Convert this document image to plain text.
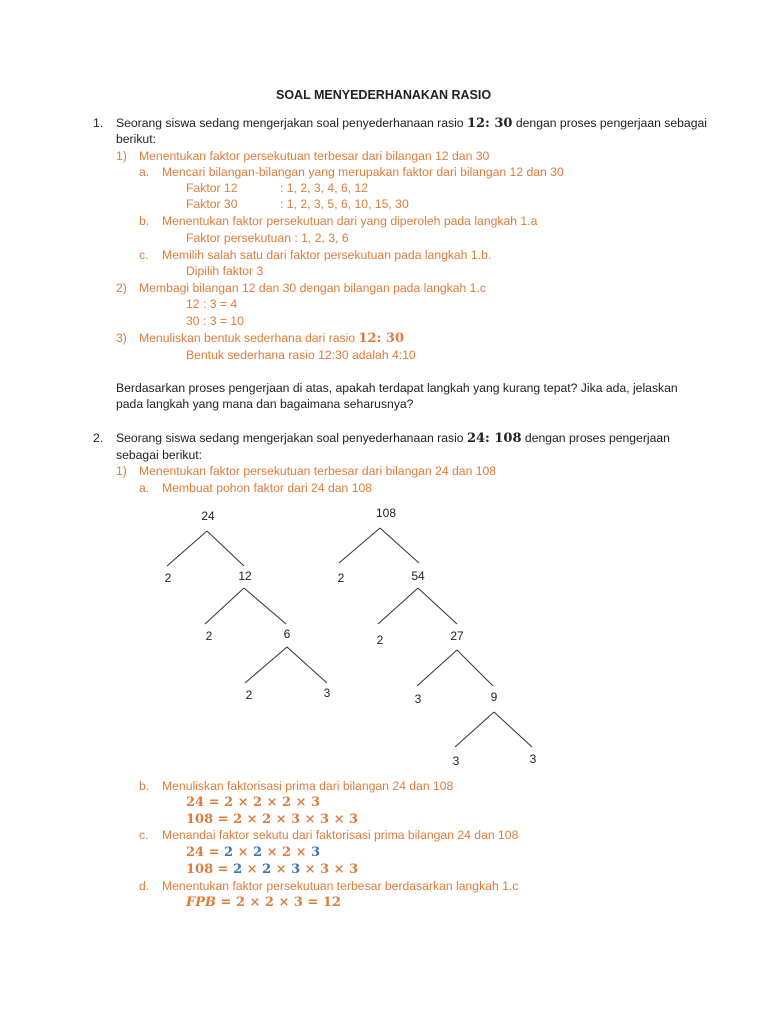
SOAL MENYEDERHANAKAN RASIO
1. Seorang siswa sedang mengerjakan soal penyederhanaan rasio 12: 30 dengan proses pengerjaan sebagai
berikut:
1) Menentukan faktor persekutuan terbesar dari bilangan 12 dan 30
a. Mencari bilangan-bilangan yang merupakan faktor dari bilangan 12 dan 30
Faktor 12	: 1, 2, 3, 4, 6, 12
Faktor 30	: 1, 2, 3, 5, 6, 10, 15, 30
b. Menentukan faktor persekutuan dari yang diperoleh pada langkah 1.a
Faktor persekutuan : 1, 2, 3, 6
c. Memilih salah satu dari faktor persekutuan pada langkah 1.b.
Dipilih faktor 3
2) Membagi bilangan 12 dan 30 dengan bilangan pada langkah 1.c
12 : 3 = 4
30 : 3 = 10
3) Menuliskan bentuk sederhana dari rasio 12: 30
Bentuk sederhana rasio 12:30 adalah 4:10
Berdasarkan proses pengerjaan di atas, apakah terdapat langkah yang kurang tepat? Jika ada, jelaskan
pada langkah yang mana dan bagaimana seharusnya?
2. Seorang siswa sedang mengerjakan soal penyederhanaan rasio 24: 108 dengan proses pengerjaan
sebagai berikut:
1) Menentukan faktor persekutuan terbesar dari bilangan 24 dan 108
a. Membuat pohon faktor dari 24 dan 108
24
2	12
2	6
2	3
108
2	54
2	27
3	9
3	3
b. Menuliskan faktorisasi prima dari bilangan 24 dan 108
24 = 2 × 2 × 2 × 3
108 = 2 × 2 × 3 × 3 × 3
c. Menandai faktor sekutu dari faktorisasi prima bilangan 24 dan 108
24 = 2 × 2 × 2 × 3
108 = 2 × 2 × 3 × 3 × 3
d. Menentukan faktor persekutuan terbesar berdasarkan langkah 1.c
FPB = 2 × 2 × 3 = 12
